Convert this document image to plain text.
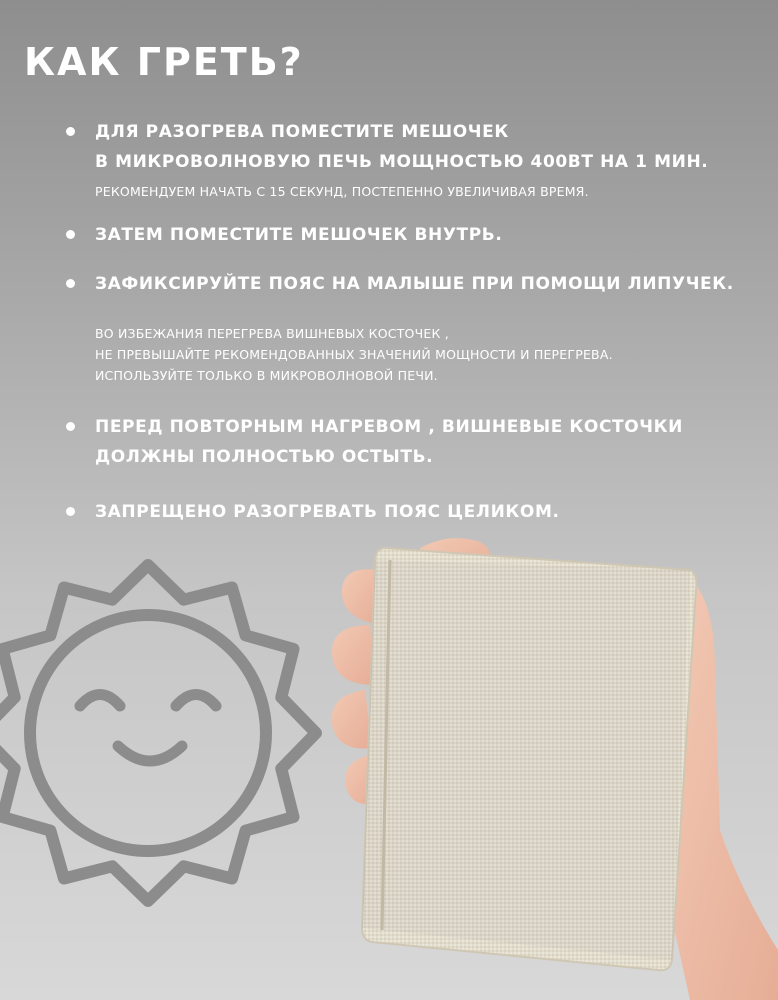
КАК ГРЕТЬ?
ДЛЯ РАЗОГРЕВА ПОМЕСТИТЕ МЕШОЧЕК
В МИКРОВОЛНОВУЮ ПЕЧЬ МОЩНОСТЬЮ 400ВТ НА 1 МИН.
РЕКОМЕНДУЕМ НАЧАТЬ С 15 СЕКУНД, ПОСТЕПЕННО УВЕЛИЧИВАЯ ВРЕМЯ.
ЗАТЕМ ПОМЕСТИТЕ МЕШОЧЕК ВНУТРЬ.
ЗАФИКСИРУЙТЕ ПОЯС НА МАЛЫШЕ ПРИ ПОМОЩИ ЛИПУЧЕК.
ВО ИЗБЕЖАНИЯ ПЕРЕГРЕВА ВИШНЕВЫХ КОСТОЧЕК ,
НЕ ПРЕВЫШАЙТЕ РЕКОМЕНДОВАННЫХ ЗНАЧЕНИЙ МОЩНОСТИ И ПЕРЕГРЕВА.
ИСПОЛЬЗУЙТЕ ТОЛЬКО В МИКРОВОЛНОВОЙ ПЕЧИ.
ПЕРЕД ПОВТОРНЫМ НАГРЕВОМ , ВИШНЕВЫЕ КОСТОЧКИ
ДОЛЖНЫ ПОЛНОСТЬЮ ОСТЫТЬ.
ЗАПРЕЩЕНО РАЗОГРЕВАТЬ ПОЯС ЦЕЛИКОМ.
